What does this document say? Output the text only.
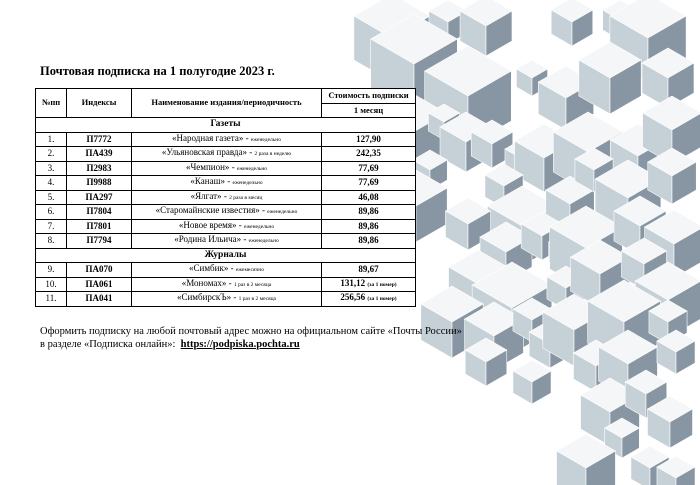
Почтовая подписка на 1 полугодие 2023 г.
№пп	Индексы	Наименование издания/периодичность	Стоимость подписки
			1 месяц
Газеты			
1.	П7772	«Народная газета» - еженедельно	127,90
2.	ПА439	«Ульяновская правда» - 2 раза в неделю	242,35
3.	П2983	«Чемпион» - еженедельно	77,69
4.	П9988	«Канаш» - еженедельно	77,69
5.	ПА297	«Ялгат» - 2 раза в месяц	46,08
6.	П7804	«Старомайнские известия» - еженедельно	89,86
7.	П7801	«Новое время» - еженедельно	89,86
8.	П7794	«Родина Ильича» - еженедельно	89,86
Журналы			
9.	ПА070	«Симбик» - ежемесячно	89,67
10.	ПА061	«Мономах» - 1 раз в 2 месяца	131,12 (за 1 номер)
11.	ПА041	«СимбирскЪ» - 1 раз в 2 месяца	256,56 (за 1 номер)
Оформить подписку на любой почтовый адрес можно на официальном сайте «Почты России»
в разделе «Подписка онлайн»: https://podpiska.pochta.ru
